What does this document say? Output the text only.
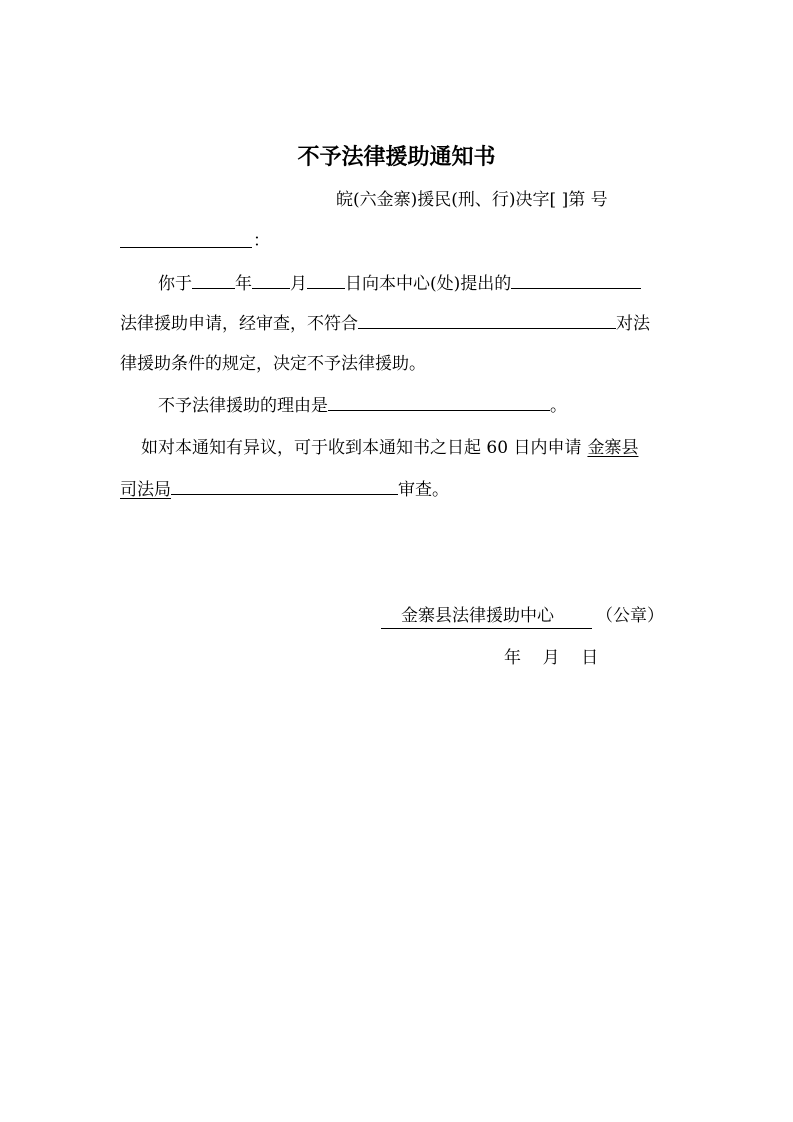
不予法律援助通知书
皖(六金寨)援民(刑、行)决字[ ]第 号
：
你于	年 月 日向本中心(处)提出的
法律援助申请，经审查，不符合	对法
律援助条件的规定，决定不予法律援助。
不予法律援助的理由是	。
如对本通知有异议，可于收到本通知书之日起 60 日内申请 金寨县
司法局	审查。
金寨县法律援助中心 （公章）
年    月    日
